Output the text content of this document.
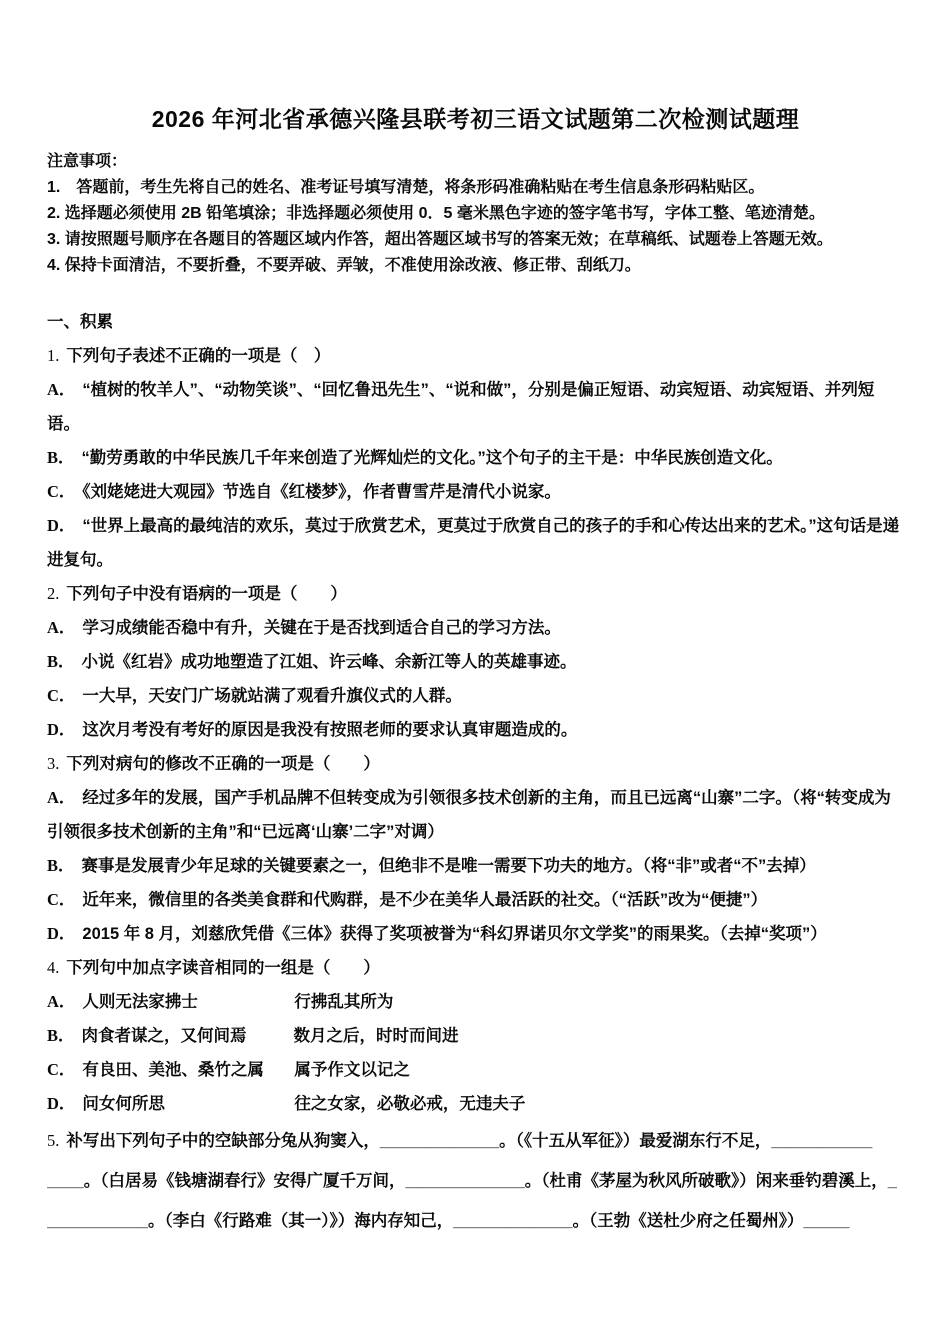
2026 年河北省承德兴隆县联考初三语文试题第二次检测试题理

注意事项：

1.　答题前，考生先将自己的姓名、准考证号填写清楚，将条形码准确粘贴在考生信息条形码粘贴区。

2. 选择题必须使用 2B 铅笔填涂；非选择题必须使用 0．5 毫米黑色字迹的签字笔书写，字体工整、笔迹清楚。

3. 请按照题号顺序在各题目的答题区域内作答，超出答题区域书写的答案无效；在草稿纸、试题卷上答题无效。

4. 保持卡面清洁，不要折叠，不要弄破、弄皱，不准使用涂改液、修正带、刮纸刀。

一、积累

1. 下列句子表述不正确的一项是（　）

A． “植树的牧羊人”、“动物笑谈”、“回忆鲁迅先生”、“说和做”，分别是偏正短语、动宾短语、动宾短语、并列短语。

B． “勤劳勇敢的中华民族几千年来创造了光辉灿烂的文化。”这个句子的主干是：中华民族创造文化。

C． 《刘姥姥进大观园》节选自《红楼梦》，作者曹雪芹是清代小说家。

D． “世界上最高的最纯洁的欢乐，莫过于欣赏艺术，更莫过于欣赏自己的孩子的手和心传达出来的艺术。”这句话是递进复句。

2. 下列句子中没有语病的一项是（　　）

A． 学习成绩能否稳中有升，关键在于是否找到适合自己的学习方法。

B． 小说《红岩》成功地塑造了江姐、许云峰、余新江等人的英雄事迹。

C． 一大早，天安门广场就站满了观看升旗仪式的人群。

D． 这次月考没有考好的原因是我没有按照老师的要求认真审题造成的。

3. 下列对病句的修改不正确的一项是（　　）

A． 经过多年的发展，国产手机品牌不但转变成为引领很多技术创新的主角，而且已远离“山寨”二字。（将“转变成为引领很多技术创新的主角”和“已远离‘山寨’二字”对调）

B． 赛事是发展青少年足球的关键要素之一，但绝非不是唯一需要下功夫的地方。（将“非”或者“不”去掉）

C． 近年来，微信里的各类美食群和代购群，是不少在美华人最活跃的社交。（“活跃”改为“便捷”）

D． 2015 年 8 月，刘慈欣凭借《三体》获得了奖项被誉为“科幻界诺贝尔文学奖”的雨果奖。（去掉“奖项”）

4. 下列句中加点字读音相同的一组是（　　）

A． 人则无法家拂士	行拂乱其所为

B． 肉食者谋之，又何间焉	数月之后，时时而间进

C． 有良田、美池、桑竹之属 属予作文以记之

D． 问女何所思	往之女家，必敬必戒，无违夫子

5. 补写出下列句子中的空缺部分兔从狗窦入，_____________。（《十五从军征》）最爱湖东行不足，___________

____。（白居易《钱塘湖春行》安得广厦千万间，_____________。（杜甫《茅屋为秋风所破歌》）闲来垂钓碧溪上，_

___________。（李白《行路难（其一）》）海内存知己，_____________。（王勃《送杜少府之任蜀州》）_____
